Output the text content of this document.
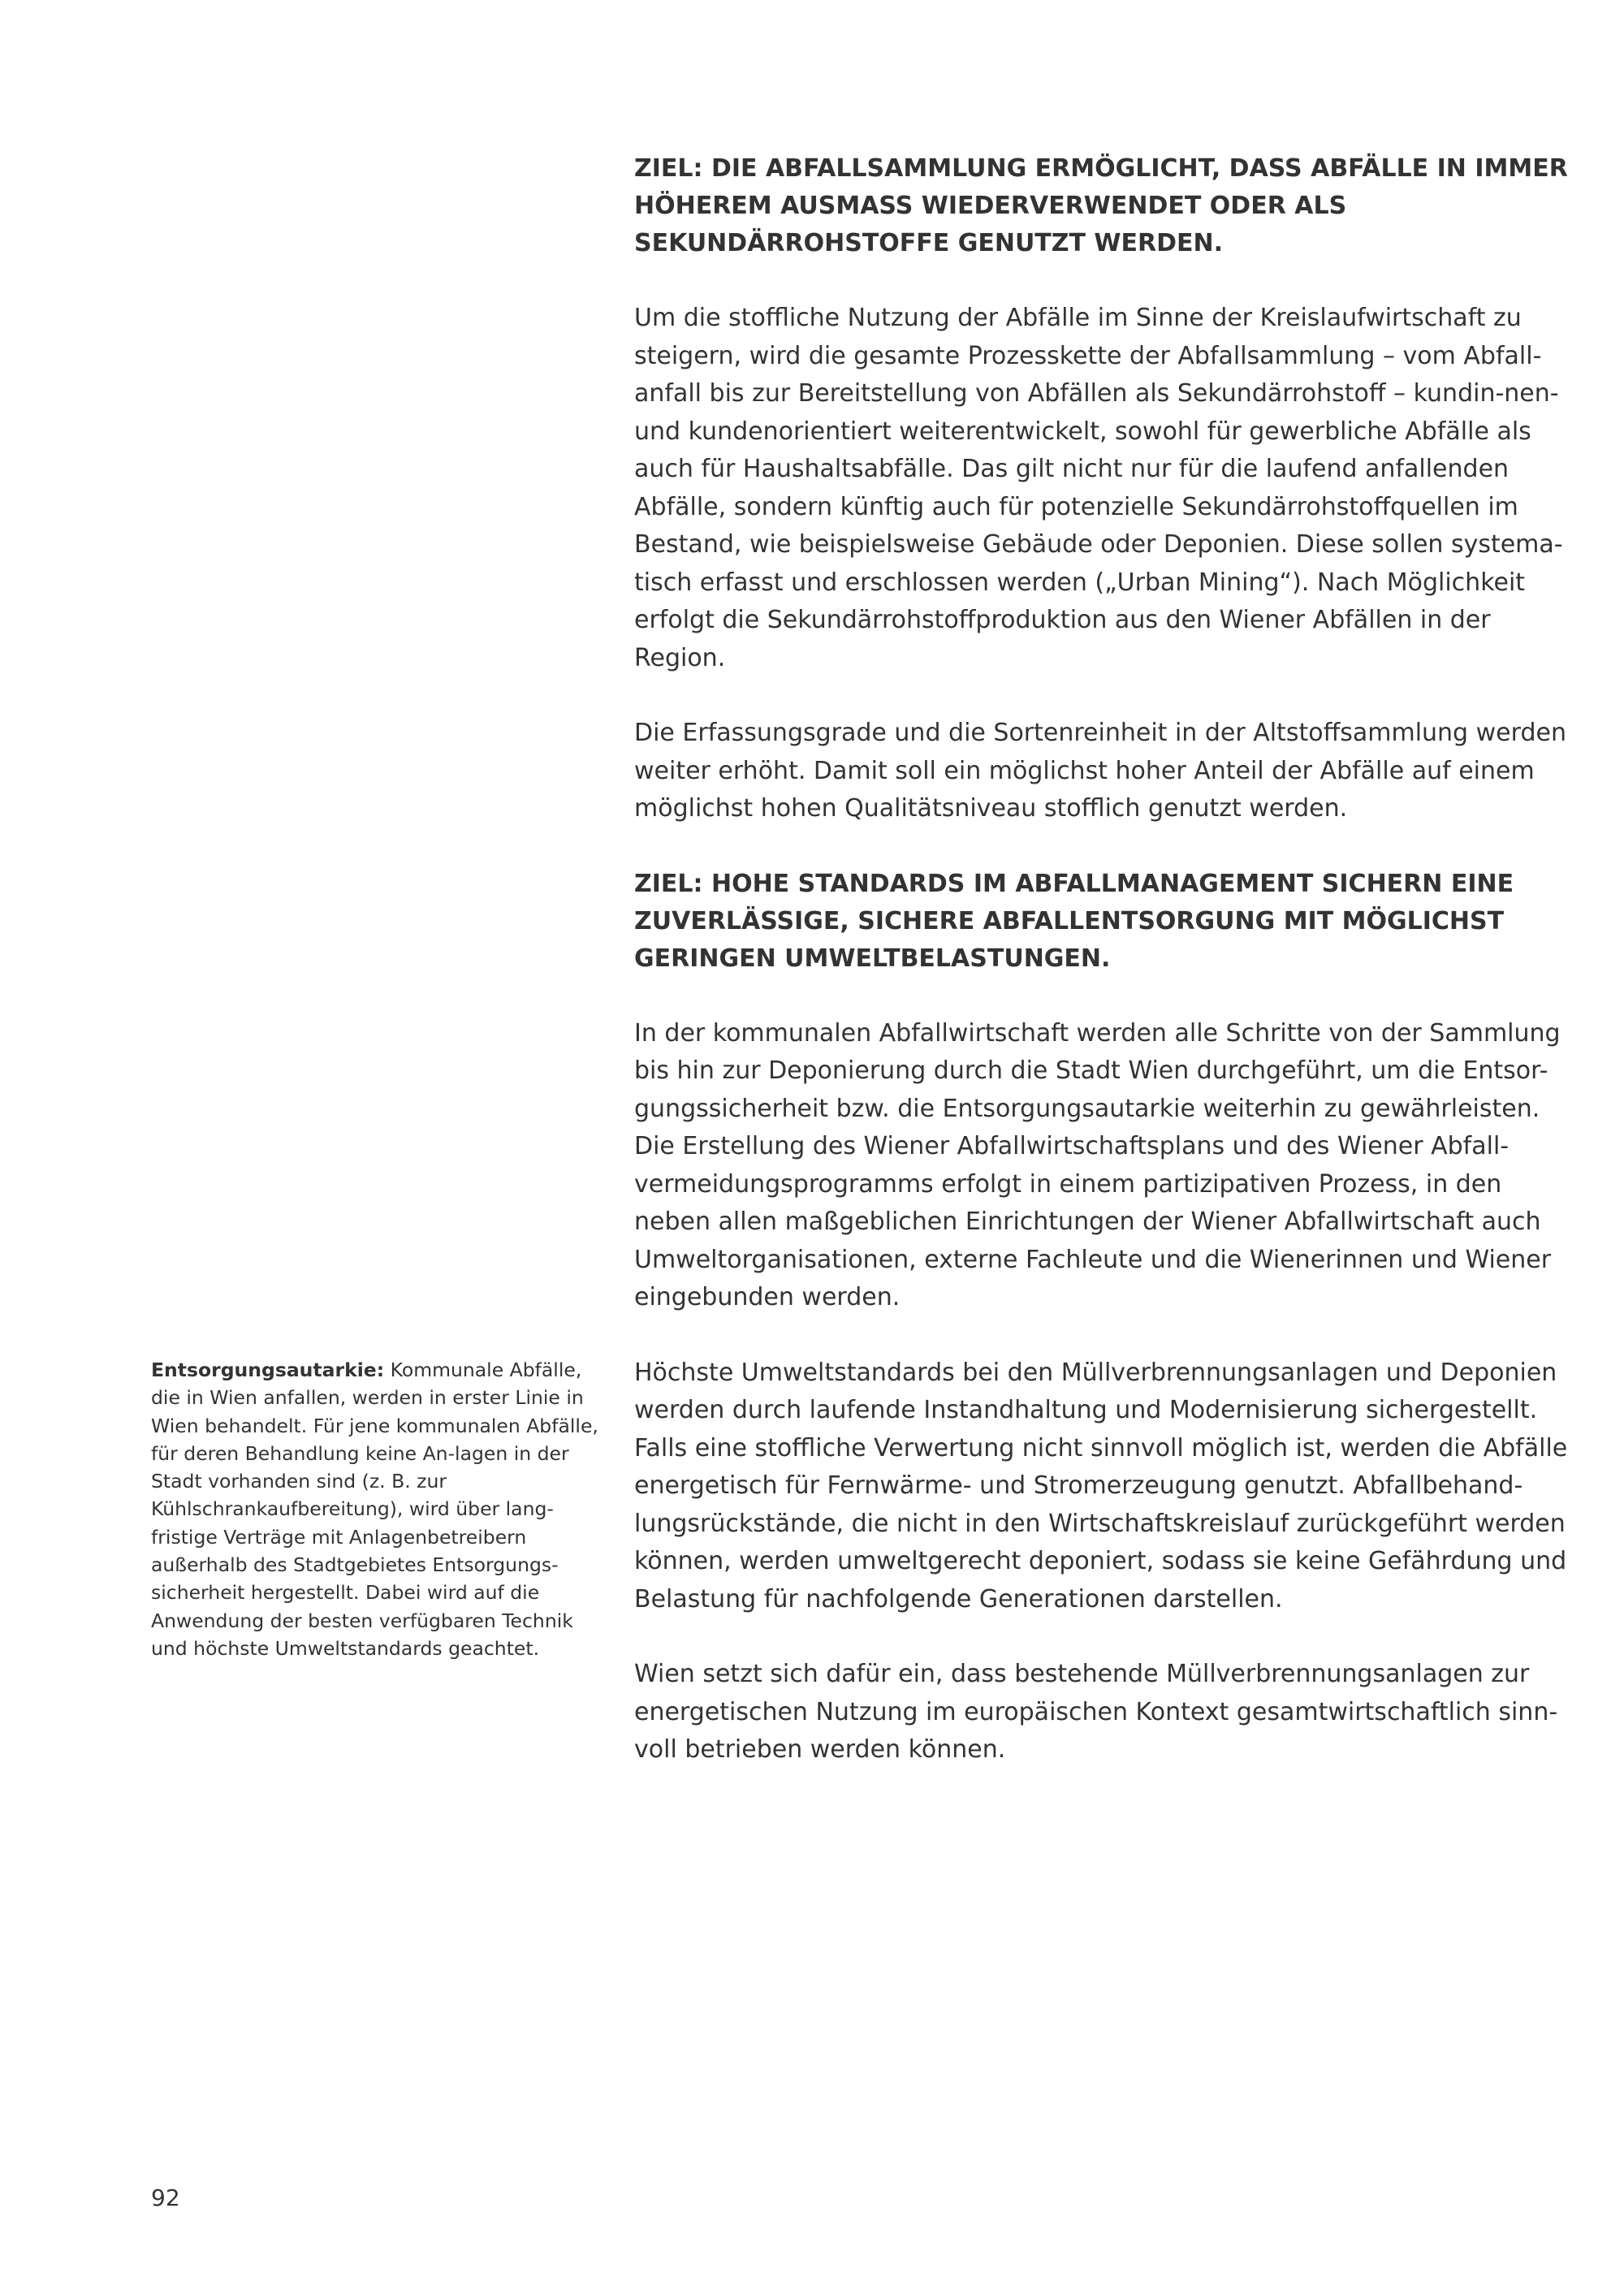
ZIEL: DIE ABFALLSAMMLUNG ERMÖGLICHT, DASS ABFÄLLE IN IMMER HÖHEREM AUSMASS WIEDERVERWENDET ODER ALS SEKUNDÄRROHSTOFFE GENUTZT WERDEN.

Um die stoffliche Nutzung der Abfälle im Sinne der Kreislaufwirtschaft zu steigern, wird die gesamte Prozesskette der Abfallsammlung – vom Abfall-anfall bis zur Bereitstellung von Abfällen als Sekundärrohstoff – kundin-nen- und kundenorientiert weiterentwickelt, sowohl für gewerbliche Abfälle als auch für Haushaltsabfälle. Das gilt nicht nur für die laufend anfallenden Abfälle, sondern künftig auch für potenzielle Sekundärrohstoffquellen im Bestand, wie beispielsweise Gebäude oder Deponien. Diese sollen systema-tisch erfasst und erschlossen werden („Urban Mining“). Nach Möglichkeit erfolgt die Sekundärrohstoffproduktion aus den Wiener Abfällen in der Region.

Die Erfassungsgrade und die Sortenreinheit in der Altstoffsammlung werden weiter erhöht. Damit soll ein möglichst hoher Anteil der Abfälle auf einem möglichst hohen Qualitätsniveau stofflich genutzt werden.

ZIEL: HOHE STANDARDS IM ABFALLMANAGEMENT SICHERN EINE ZUVERLÄSSIGE, SICHERE ABFALLENTSORGUNG MIT MÖGLICHST GERINGEN UMWELTBELASTUNGEN.

In der kommunalen Abfallwirtschaft werden alle Schritte von der Sammlung bis hin zur Deponierung durch die Stadt Wien durchgeführt, um die Entsor-gungssicherheit bzw. die Entsorgungsautarkie weiterhin zu gewährleisten. Die Erstellung des Wiener Abfallwirtschaftsplans und des Wiener Abfall-vermeidungsprogramms erfolgt in einem partizipativen Prozess, in den neben allen maßgeblichen Einrichtungen der Wiener Abfallwirtschaft auch Umweltorganisationen, externe Fachleute und die Wienerinnen und Wiener eingebunden werden.

Höchste Umweltstandards bei den Müllverbrennungsanlagen und Deponien werden durch laufende Instandhaltung und Modernisierung sichergestellt. Falls eine stoffliche Verwertung nicht sinnvoll möglich ist, werden die Abfälle energetisch für Fernwärme- und Stromerzeugung genutzt. Abfallbehand-lungsrückstände, die nicht in den Wirtschaftskreislauf zurückgeführt werden können, werden umweltgerecht deponiert, sodass sie keine Gefährdung und Belastung für nachfolgende Generationen darstellen.

Wien setzt sich dafür ein, dass bestehende Müllverbrennungsanlagen zur energetischen Nutzung im europäischen Kontext gesamtwirtschaftlich sinn-voll betrieben werden können.

Entsorgungsautarkie: Kommunale Abfälle, die in Wien anfallen, werden in erster Linie in Wien behandelt. Für jene kommunalen Abfälle, für deren Behandlung keine An-lagen in der Stadt vorhanden sind (z. B. zur Kühlschrankaufbereitung), wird über lang-fristige Verträge mit Anlagenbetreibern außerhalb des Stadtgebietes Entsorgungs-sicherheit hergestellt. Dabei wird auf die Anwendung der besten verfügbaren Technik und höchste Umweltstandards geachtet.
92
